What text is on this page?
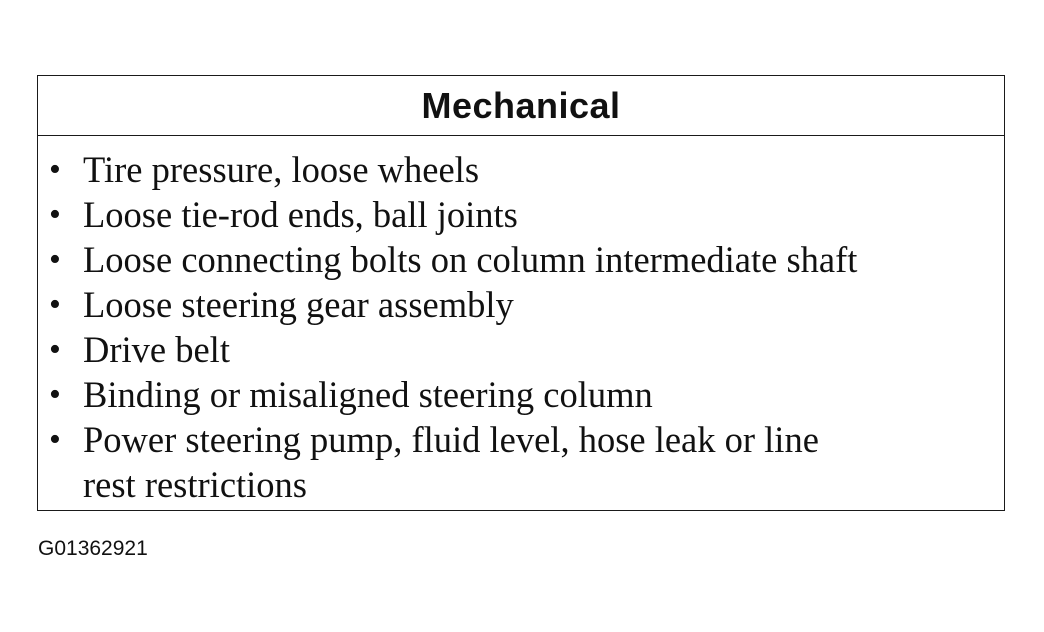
Mechanical
• Tire pressure, loose wheels
• Loose tie-rod ends, ball joints
• Loose connecting bolts on column intermediate shaft
• Loose steering gear assembly
• Drive belt
• Binding or misaligned steering column
• Power steering pump, fluid level, hose leak or line
rest restrictions
G01362921
